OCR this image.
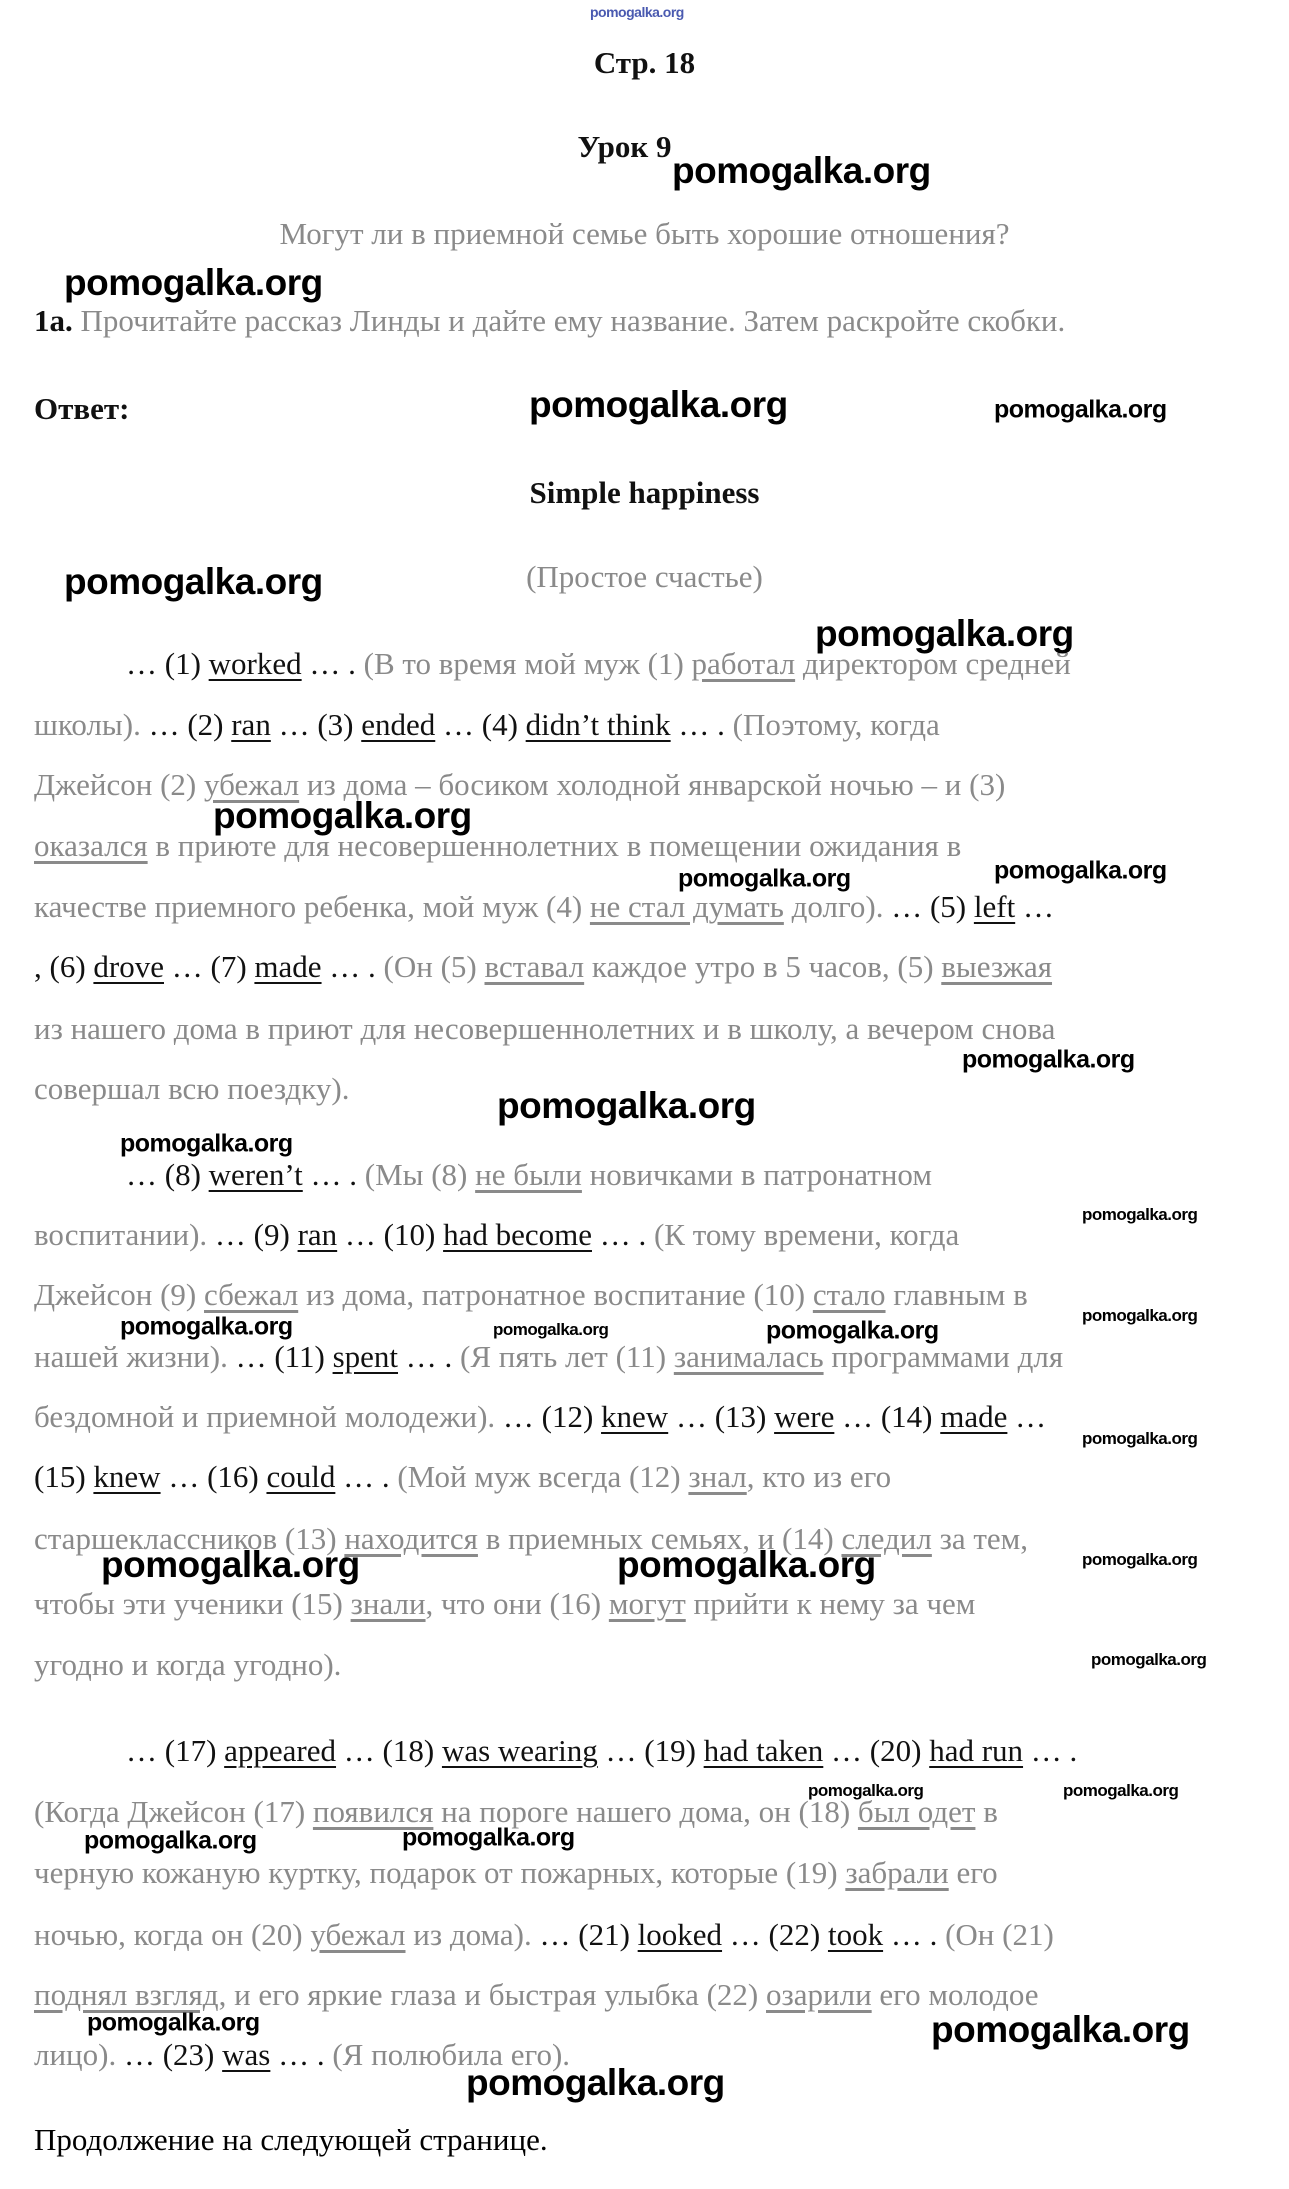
pomogalka.org
Стр. 18
Урок 9
Могут ли в приемной семье быть хорошие отношения?
1a. Прочитайте рассказ Линды и дайте ему название. Затем раскройте скобки.
Ответ:
Simple happiness
(Простое счастье)
… (1) worked … . (В то время мой муж (1) работал директором средней
школы). … (2) ran … (3) ended … (4) didn’t think … . (Поэтому, когда
Джейсон (2) убежал из дома – босиком холодной январской ночью – и (3)
оказался в приюте для несовершеннолетних в помещении ожидания в
качестве приемного ребенка, мой муж (4) не стал думать долго). … (5) left …
, (6) drove … (7) made … . (Он (5) вставал каждое утро в 5 часов, (5) выезжая
из нашего дома в приют для несовершеннолетних и в школу, а вечером снова
совершал всю поездку).
… (8) weren’t … . (Мы (8) не были новичками в патронатном
воспитании). … (9) ran … (10) had become … . (К тому времени, когда
Джейсон (9) сбежал из дома, патронатное воспитание (10) стало главным в
нашей жизни). … (11) spent … . (Я пять лет (11) занималась программами для
бездомной и приемной молодежи). … (12) knew … (13) were … (14) made …
(15) knew … (16) could … . (Мой муж всегда (12) знал, кто из его
старшеклассников (13) находится в приемных семьях, и (14) следил за тем,
чтобы эти ученики (15) знали, что они (16) могут прийти к нему за чем
угодно и когда угодно).
… (17) appeared … (18) was wearing … (19) had taken … (20) had run … .
(Когда Джейсон (17) появился на пороге нашего дома, он (18) был одет в
черную кожаную куртку, подарок от пожарных, которые (19) забрали его
ночью, когда он (20) убежал из дома). … (21) looked … (22) took … . (Он (21)
поднял взгляд, и его яркие глаза и быстрая улыбка (22) озарили его молодое
лицо). … (23) was … . (Я полюбила его).
Продолжение на следующей странице.
pomogalka.org
pomogalka.org
pomogalka.org	pomogalka.org
pomogalka.org
pomogalka.org
pomogalka.org
pomogalka.org	pomogalka.org
pomogalka.org
pomogalka.org
pomogalka.org
pomogalka.org
pomogalka.org	pomogalka.org	pomogalka.org
pomogalka.org
pomogalka.org
pomogalka.org	pomogalka.org	pomogalka.org
pomogalka.org
pomogalka.org	pomogalka.org
pomogalka.org	pomogalka.org
pomogalka.org	pomogalka.org
pomogalka.org
